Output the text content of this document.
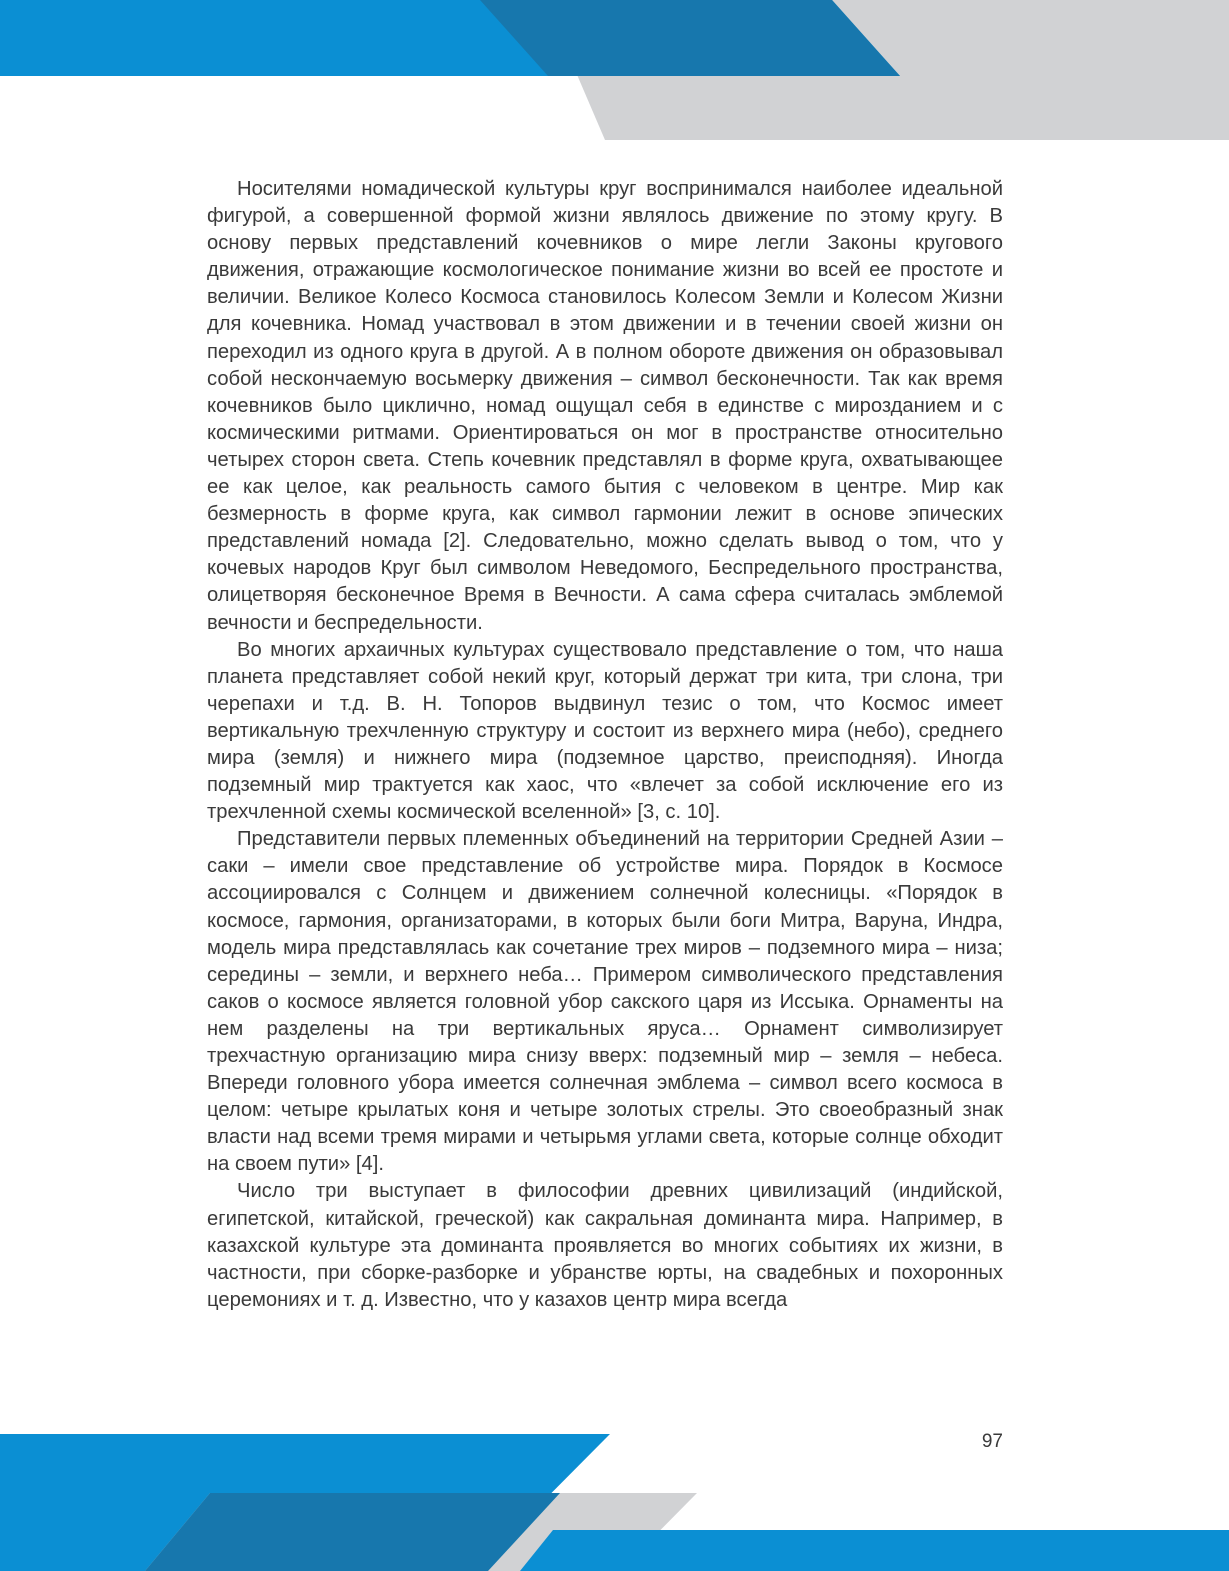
Носителями номадической культуры круг воспринимался наиболее идеальной фигурой, а совершенной формой жизни являлось движение по этому кругу. В основу первых представлений кочевников о мире легли Законы кругового движения, отражающие космологическое понимание жизни во всей ее простоте и величии. Великое Колесо Космоса становилось Колесом Земли и Колесом Жизни для кочевника. Номад участвовал в этом движении и в течении своей жизни он переходил из одного круга в другой. А в полном обороте движения он образовывал собой нескончаемую восьмерку движения – символ бесконечности. Так как время кочевников было циклично, номад ощущал себя в единстве с мирозданием и с космическими ритмами. Ориентироваться он мог в пространстве относительно четырех сторон света. Степь кочевник представлял в форме круга, охватывающее ее как целое, как реальность самого бытия с человеком в центре. Мир как безмерность в форме круга, как символ гармонии лежит в основе эпических представлений номада [2]. Следовательно, можно сделать вывод о том, что у кочевых народов Круг был символом Неведомого, Беспредельного пространства, олицетворяя бесконечное Время в Вечности. А сама сфера считалась эмблемой вечности и беспредельности.

Во многих архаичных культурах существовало представление о том, что наша планета представляет собой некий круг, который держат три кита, три слона, три черепахи и т.д. В. Н. Топоров выдвинул тезис о том, что Космос имеет вертикальную трехчленную структуру и состоит из верхнего мира (небо), среднего мира (земля) и нижнего мира (подземное царство, преисподняя). Иногда подземный мир трактуется как хаос, что «влечет за собой исключение его из трехчленной схемы космической вселенной» [3, с. 10].

Представители первых племенных объединений на территории Средней Азии – саки – имели свое представление об устройстве мира. Порядок в Космосе ассоциировался с Солнцем и движением солнечной колесницы. «Порядок в космосе, гармония, организаторами, в которых были боги Митра, Варуна, Индра, модель мира представлялась как сочетание трех миров – подземного мира – низа; середины – земли, и верхнего неба… Примером символического представления саков о космосе является головной убор сакского царя из Иссыка. Орнаменты на нем разделены на три вертикальных яруса… Орнамент символизирует трехчастную организацию мира снизу вверх: подземный мир – земля – небеса. Впереди головного убора имеется солнечная эмблема – символ всего космоса в целом: четыре крылатых коня и четыре золотых стрелы. Это своеобразный знак власти над всеми тремя мирами и четырьмя углами света, которые солнце обходит на своем пути» [4].

Число три выступает в философии древних цивилизаций (индийской, египетской, китайской, греческой) как сакральная доминанта мира. Например, в казахской культуре эта доминанта проявляется во многих событиях их жизни, в частности, при сборке-разборке и убранстве юрты, на свадебных и похоронных церемониях и т. д. Известно, что у казахов центр мира всегда

97
